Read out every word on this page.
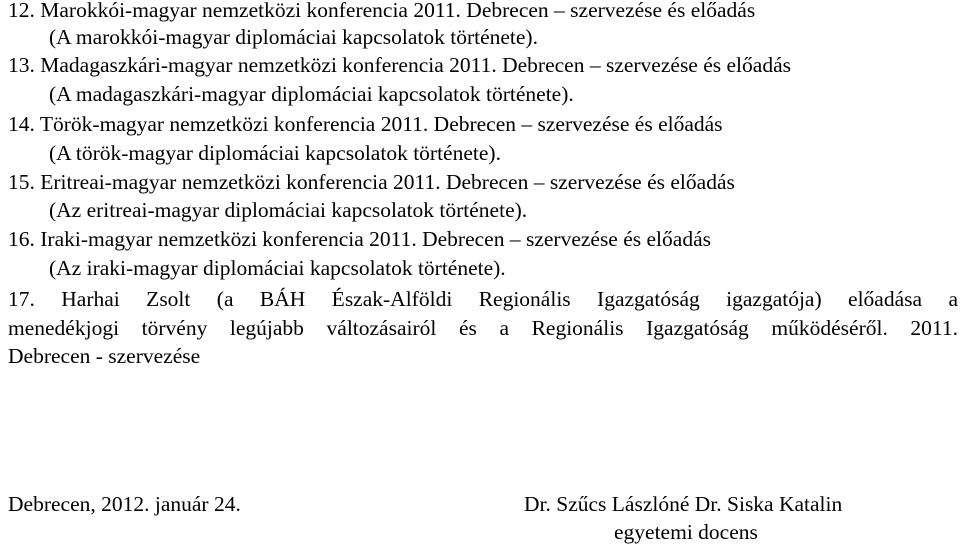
12. Marokkói-magyar nemzetközi konferencia 2011. Debrecen – szervezése és előadás
(A marokkói-magyar diplomáciai kapcsolatok története).
13. Madagaszkári-magyar nemzetközi konferencia 2011. Debrecen – szervezése és előadás
(A madagaszkári-magyar diplomáciai kapcsolatok története).
14. Török-magyar nemzetközi konferencia 2011. Debrecen – szervezése és előadás
(A török-magyar diplomáciai kapcsolatok története).
15. Eritreai-magyar nemzetközi konferencia 2011. Debrecen – szervezése és előadás
(Az eritreai-magyar diplomáciai kapcsolatok története).
16. Iraki-magyar nemzetközi konferencia 2011. Debrecen – szervezése és előadás
(Az iraki-magyar diplomáciai kapcsolatok története).
17. Harhai Zsolt (a BÁH Észak-Alföldi Regionális Igazgatóság igazgatója) előadása a
menedékjogi törvény legújabb változásairól és a Regionális Igazgatóság működéséről. 2011.
Debrecen - szervezése
Debrecen, 2012. január 24.	Dr. Szűcs Lászlóné Dr. Siska Katalin
egyetemi docens
